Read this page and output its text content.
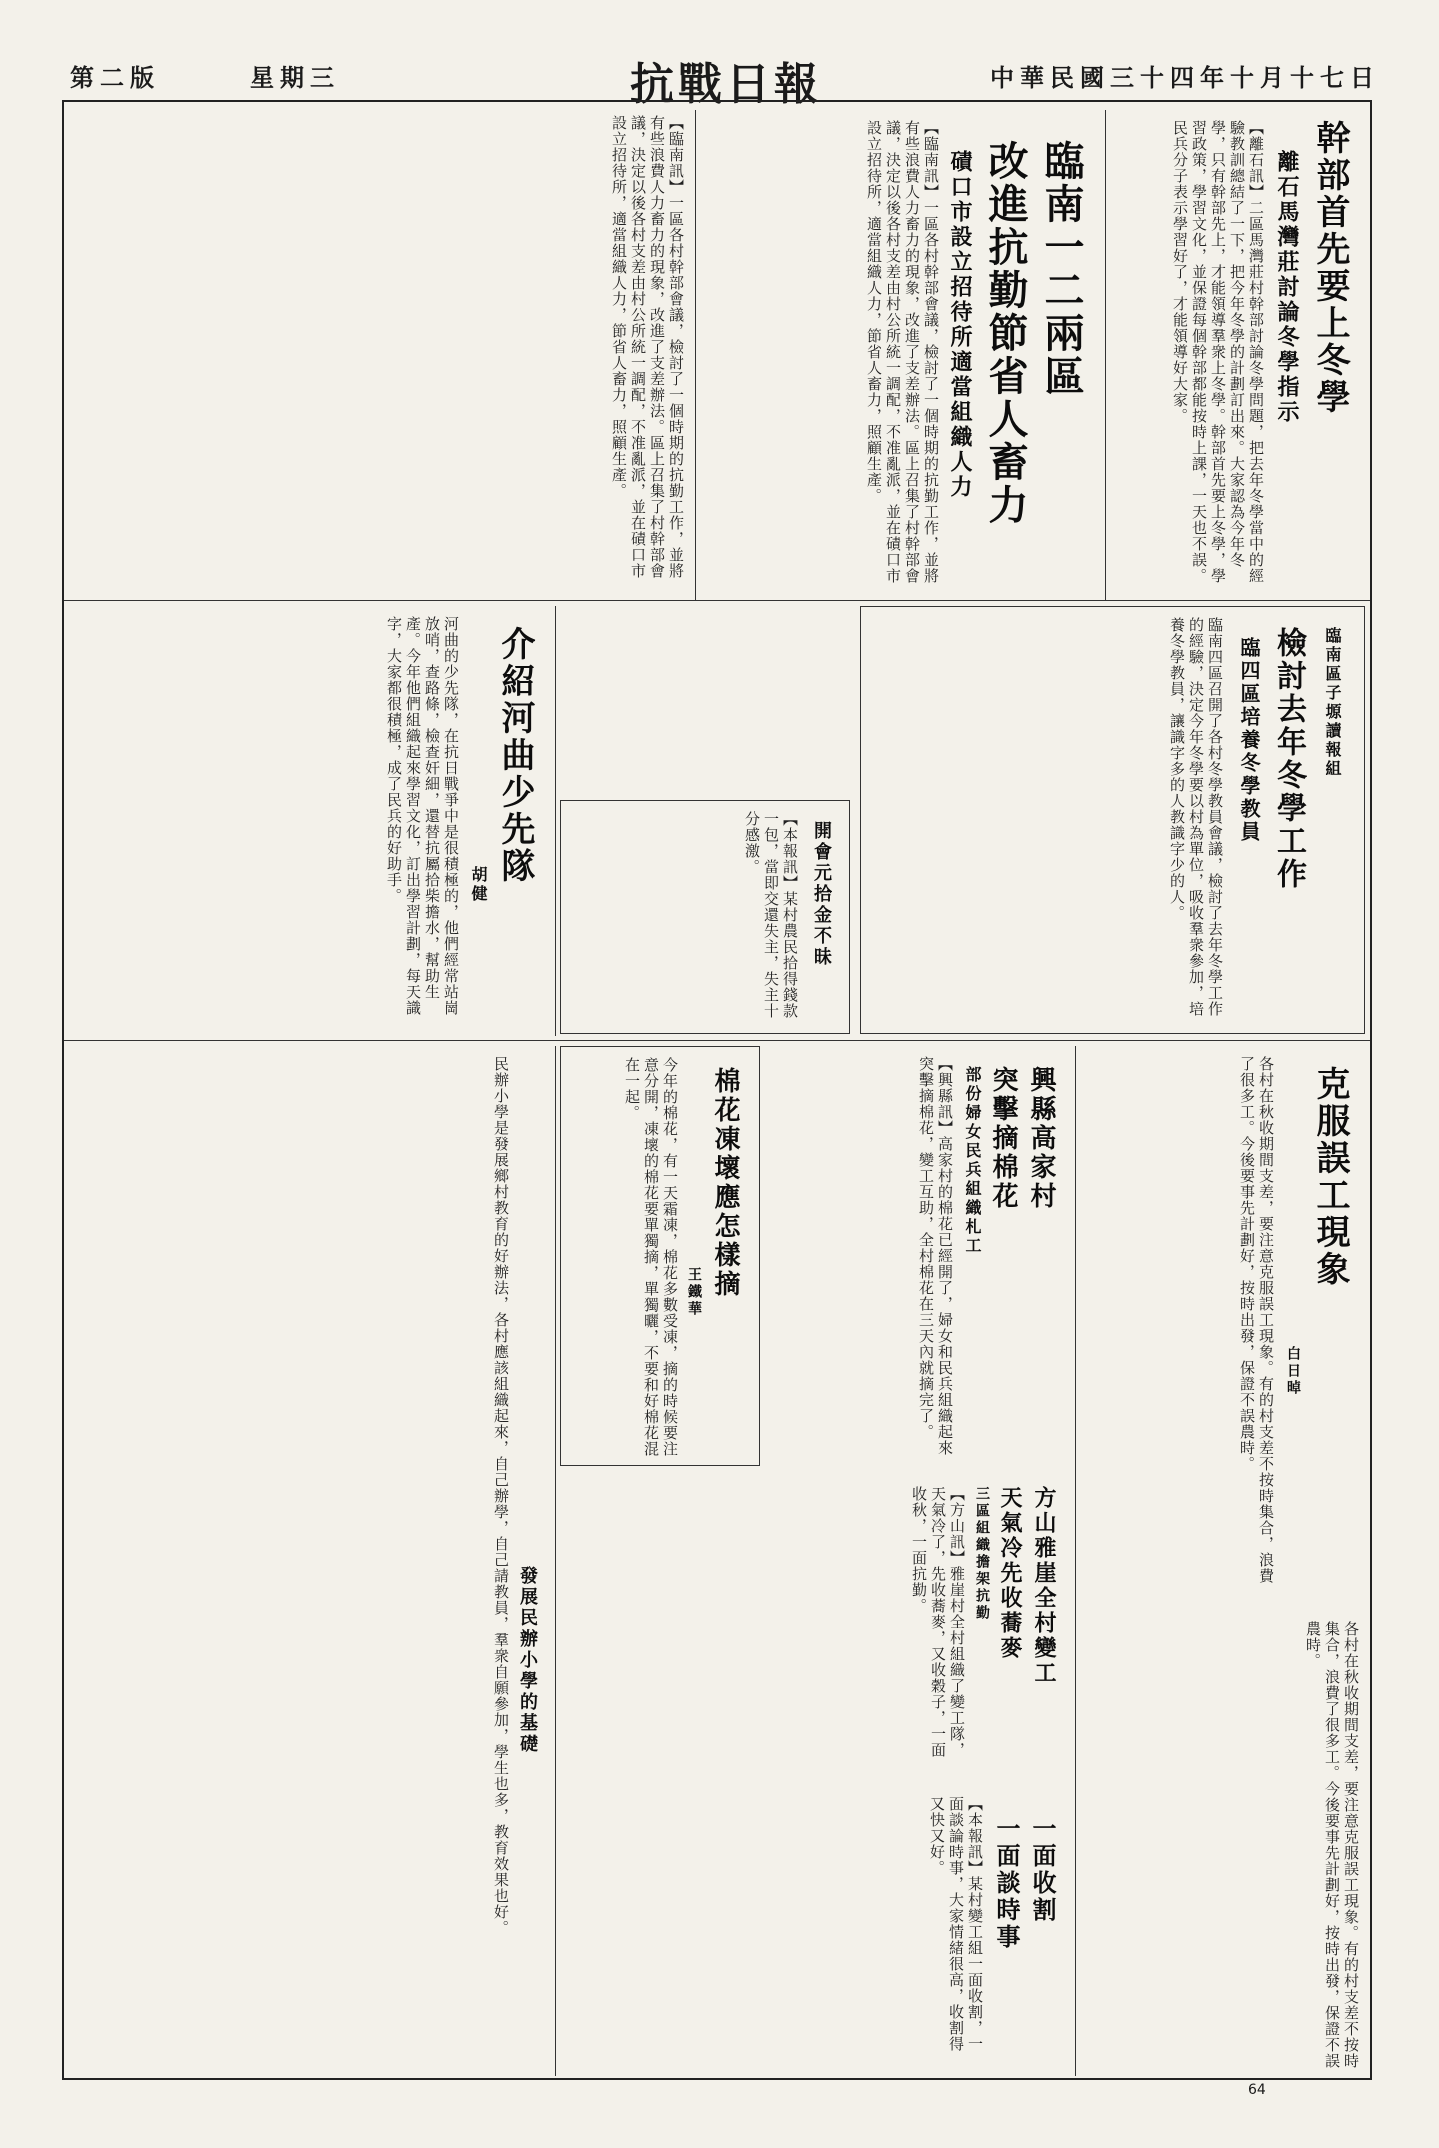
第二版	星期三	抗戰日報	中華民國三十四年十月十七日
幹部首先要上冬學
離石馬灣莊討論冬學指示
【離石訊】二區馬灣莊村幹部討論冬學問題，把去年冬學當中的經驗教訓總結了一下，把今年冬學的計劃訂出來。大家認為今年冬學，只有幹部先上，才能領導羣衆上冬學。幹部首先要上冬學，學習政策，學習文化，並保證每個幹部都能按時上課，一天也不誤。民兵分子表示學習好了，才能領導好大家。
臨南一二兩區
改進抗勤節省人畜力
磧口市設立招待所適當組織人力
【臨南訊】一區各村幹部會議，檢討了一個時期的抗勤工作，並將有些浪費人力畜力的現象，改進了支差辦法。區上召集了村幹部會議，決定以後各村支差由村公所統一調配，不准亂派，並在磧口市設立招待所，適當組織人力，節省人畜力，照顧生產。
【臨南訊】一區各村幹部會議，檢討了一個時期的抗勤工作，並將有些浪費人力畜力的現象，改進了支差辦法。區上召集了村幹部會議，決定以後各村支差由村公所統一調配，不准亂派，並在磧口市設立招待所，適當組織人力，節省人畜力，照顧生產。
臨南區子塬讀報組
檢討去年冬學工作
臨四區培養冬學教員
臨南四區召開了各村冬學教員會議，檢討了去年冬學工作的經驗，決定今年冬學要以村為單位，吸收羣衆參加，培養冬學教員，讓識字多的人教識字少的人。
開會元拾金不昧
【本報訊】某村農民拾得錢款一包，當即交還失主，失主十分感激。
介紹河曲少先隊
胡健
河曲的少先隊，在抗日戰爭中是很積極的，他們經常站崗放哨，查路條，檢查奸細，還替抗屬拾柴擔水，幫助生產。今年他們組織起來學習文化，訂出學習計劃，每天識字，大家都很積極，成了民兵的好助手。
棉花凍壞應怎樣摘
王鐵華
今年的棉花，有一天霜凍，棉花多數受凍，摘的時候要注意分開，凍壞的棉花要單獨摘，單獨曬，不要和好棉花混在一起。	興縣高家村
突擊摘棉花
部份婦女民兵組織札工
【興縣訊】高家村的棉花已經開了，婦女和民兵組織起來突擊摘棉花，變工互助，全村棉花在三天內就摘完了。	克服誤工現象
白日晫
各村在秋收期間支差，要注意克服誤工現象。有的村支差不按時集合，浪費了很多工。今後要事先計劃好，按時出發，保證不誤農時。
發展民辦小學的基礎
民辦小學是發展鄉村教育的好辦法，各村應該組織起來，自己辦學，自己請教員，羣衆自願參加，學生也多，教育效果也好。	方山雅崖全村變工
天氣冷先收蕎麥
三區組織擔架抗勤
【方山訊】雅崖村全村組織了變工隊，天氣冷了，先收蕎麥，又收穀子，一面收秋，一面抗勤。
一面收割
一面談時事
【本報訊】某村變工組一面收割，一面談論時事，大家情緒很高，收割得又快又好。	各村在秋收期間支差，要注意克服誤工現象。有的村支差不按時集合，浪費了很多工。今後要事先計劃好，按時出發，保證不誤農時。
64
